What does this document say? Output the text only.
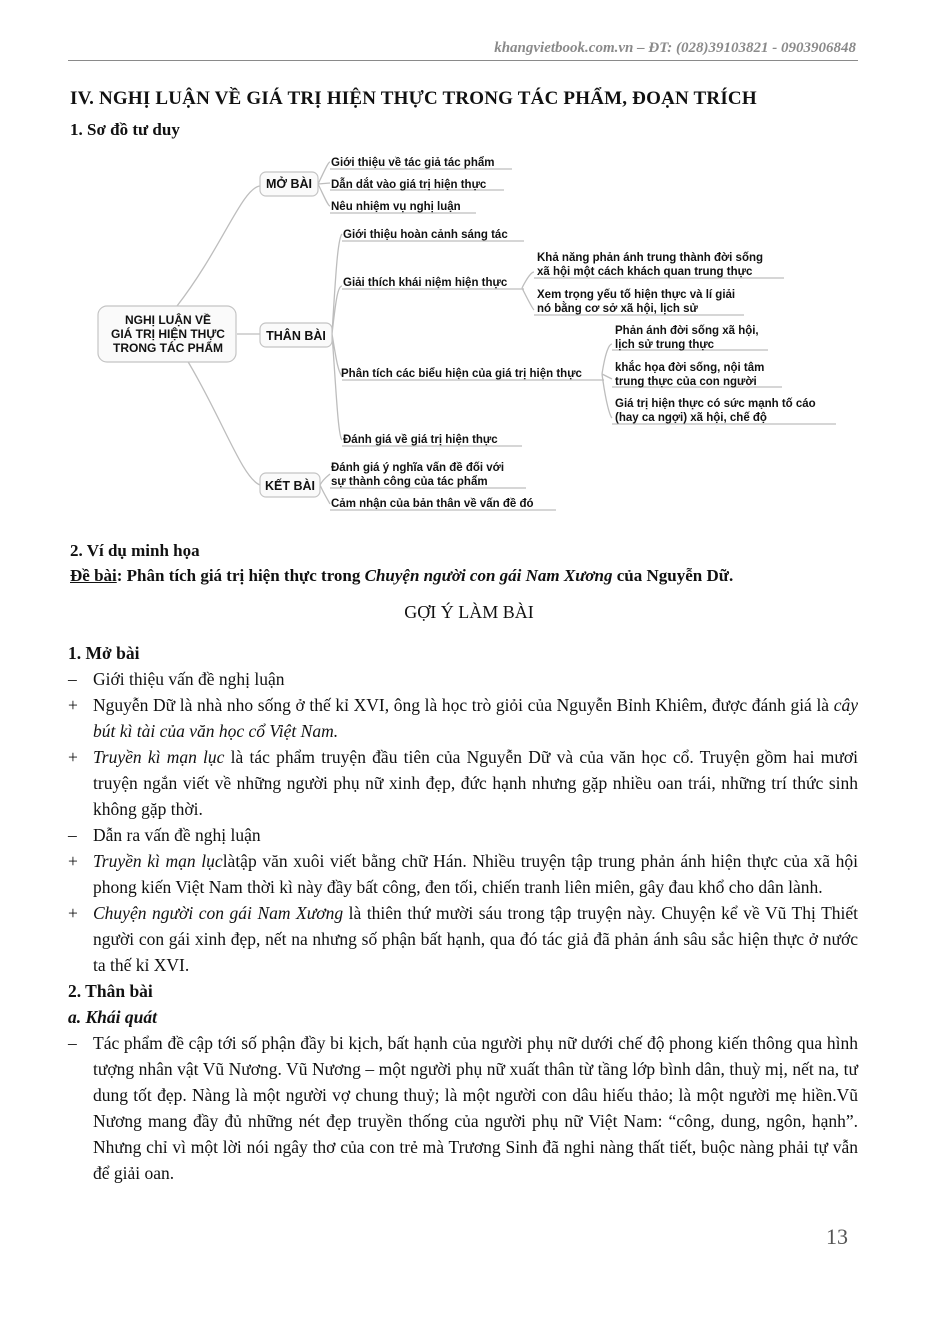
khangvietbook.com.vn – ĐT: (028)39103821 - 0903906848
IV. NGHỊ LUẬN VỀ GIÁ TRỊ HIỆN THỰC TRONG TÁC PHẨM, ĐOẠN TRÍCH
1. Sơ đồ tư duy
NGHỊ LUẬN VỀ
GIÁ TRỊ HIỆN THỰC
TRONG TÁC PHẨM
MỞ BÀI
THÂN BÀI
KẾT BÀI
Giới thiệu về tác giả tác phẩm
Dẫn dắt vào giá trị hiện thực
Nêu nhiệm vụ nghị luận
Giới thiệu hoàn cảnh sáng tác
Giải thích khái niệm hiện thực
Khả năng phản ánh trung thành đời sống
xã hội một cách khách quan trung thực
Xem trọng yếu tố hiện thực và lí giải
nó bằng cơ sở xã hội, lịch sử
Phân tích các biểu hiện của giá trị hiện thực
Phản ánh đời sống xã hội,
lịch sử trung thực
khắc họa đời sống, nội tâm
trung thực của con người
Giá trị hiện thực có sức mạnh tố cáo
(hay ca ngợi) xã hội, chế độ
Đánh giá về giá trị hiện thực
Đánh giá ý nghĩa vấn đề đối với
sự thành công của tác phẩm
Cảm nhận của bản thân về vấn đề đó
2. Ví dụ minh họa
Đề bài: Phân tích giá trị hiện thực trong Chuyện người con gái Nam Xương của Nguyễn Dữ.
GỢI Ý LÀM BÀI

1. Mở bài

– Giới thiệu vấn đề nghị luận
+ Nguyễn Dữ là nhà nho sống ở thế kỉ XVI, ông là học trò giỏi của Nguyễn Bỉnh Khiêm, được đánh giá là cây bút kì tài của văn học cổ Việt Nam.
+ Truyền kì mạn lục là tác phẩm truyện đầu tiên của Nguyễn Dữ và của văn học cổ. Truyện gồm hai mươi truyện ngắn viết về những người phụ nữ xinh đẹp, đức hạnh nhưng gặp nhiều oan trái, những trí thức sinh không gặp thời.
– Dẫn ra vấn đề nghị luận
+ Truyền kì mạn lụclàtập văn xuôi viết bằng chữ Hán. Nhiều truyện tập trung phản ánh hiện thực của xã hội phong kiến Việt Nam thời kì này đầy bất công, đen tối, chiến tranh liên miên, gây đau khổ cho dân lành.
+ Chuyện người con gái Nam Xương là thiên thứ mười sáu trong tập truyện này. Chuyện kể về Vũ Thị Thiết người con gái xinh đẹp, nết na nhưng số phận bất hạnh, qua đó tác giả đã phản ánh sâu sắc hiện thực ở nước ta thế kỉ XVI.

2. Thân bài

a. Khái quát

– Tác phẩm đề cập tới số phận đầy bi kịch, bất hạnh của người phụ nữ dưới chế độ phong kiến thông qua hình tượng nhân vật Vũ Nương. Vũ Nương – một người phụ nữ xuất thân từ tầng lớp bình dân, thuỳ mị, nết na, tư dung tốt đẹp. Nàng là một người vợ chung thuỷ; là một người con dâu hiếu thảo; là một người mẹ hiền.Vũ Nương mang đầy đủ những nét đẹp truyền thống của người phụ nữ Việt Nam: “công, dung, ngôn, hạnh”. Nhưng chỉ vì một lời nói ngây thơ của con trẻ mà Trương Sinh đã nghi nàng thất tiết, buộc nàng phải tự vẫn để giải oan.
13
